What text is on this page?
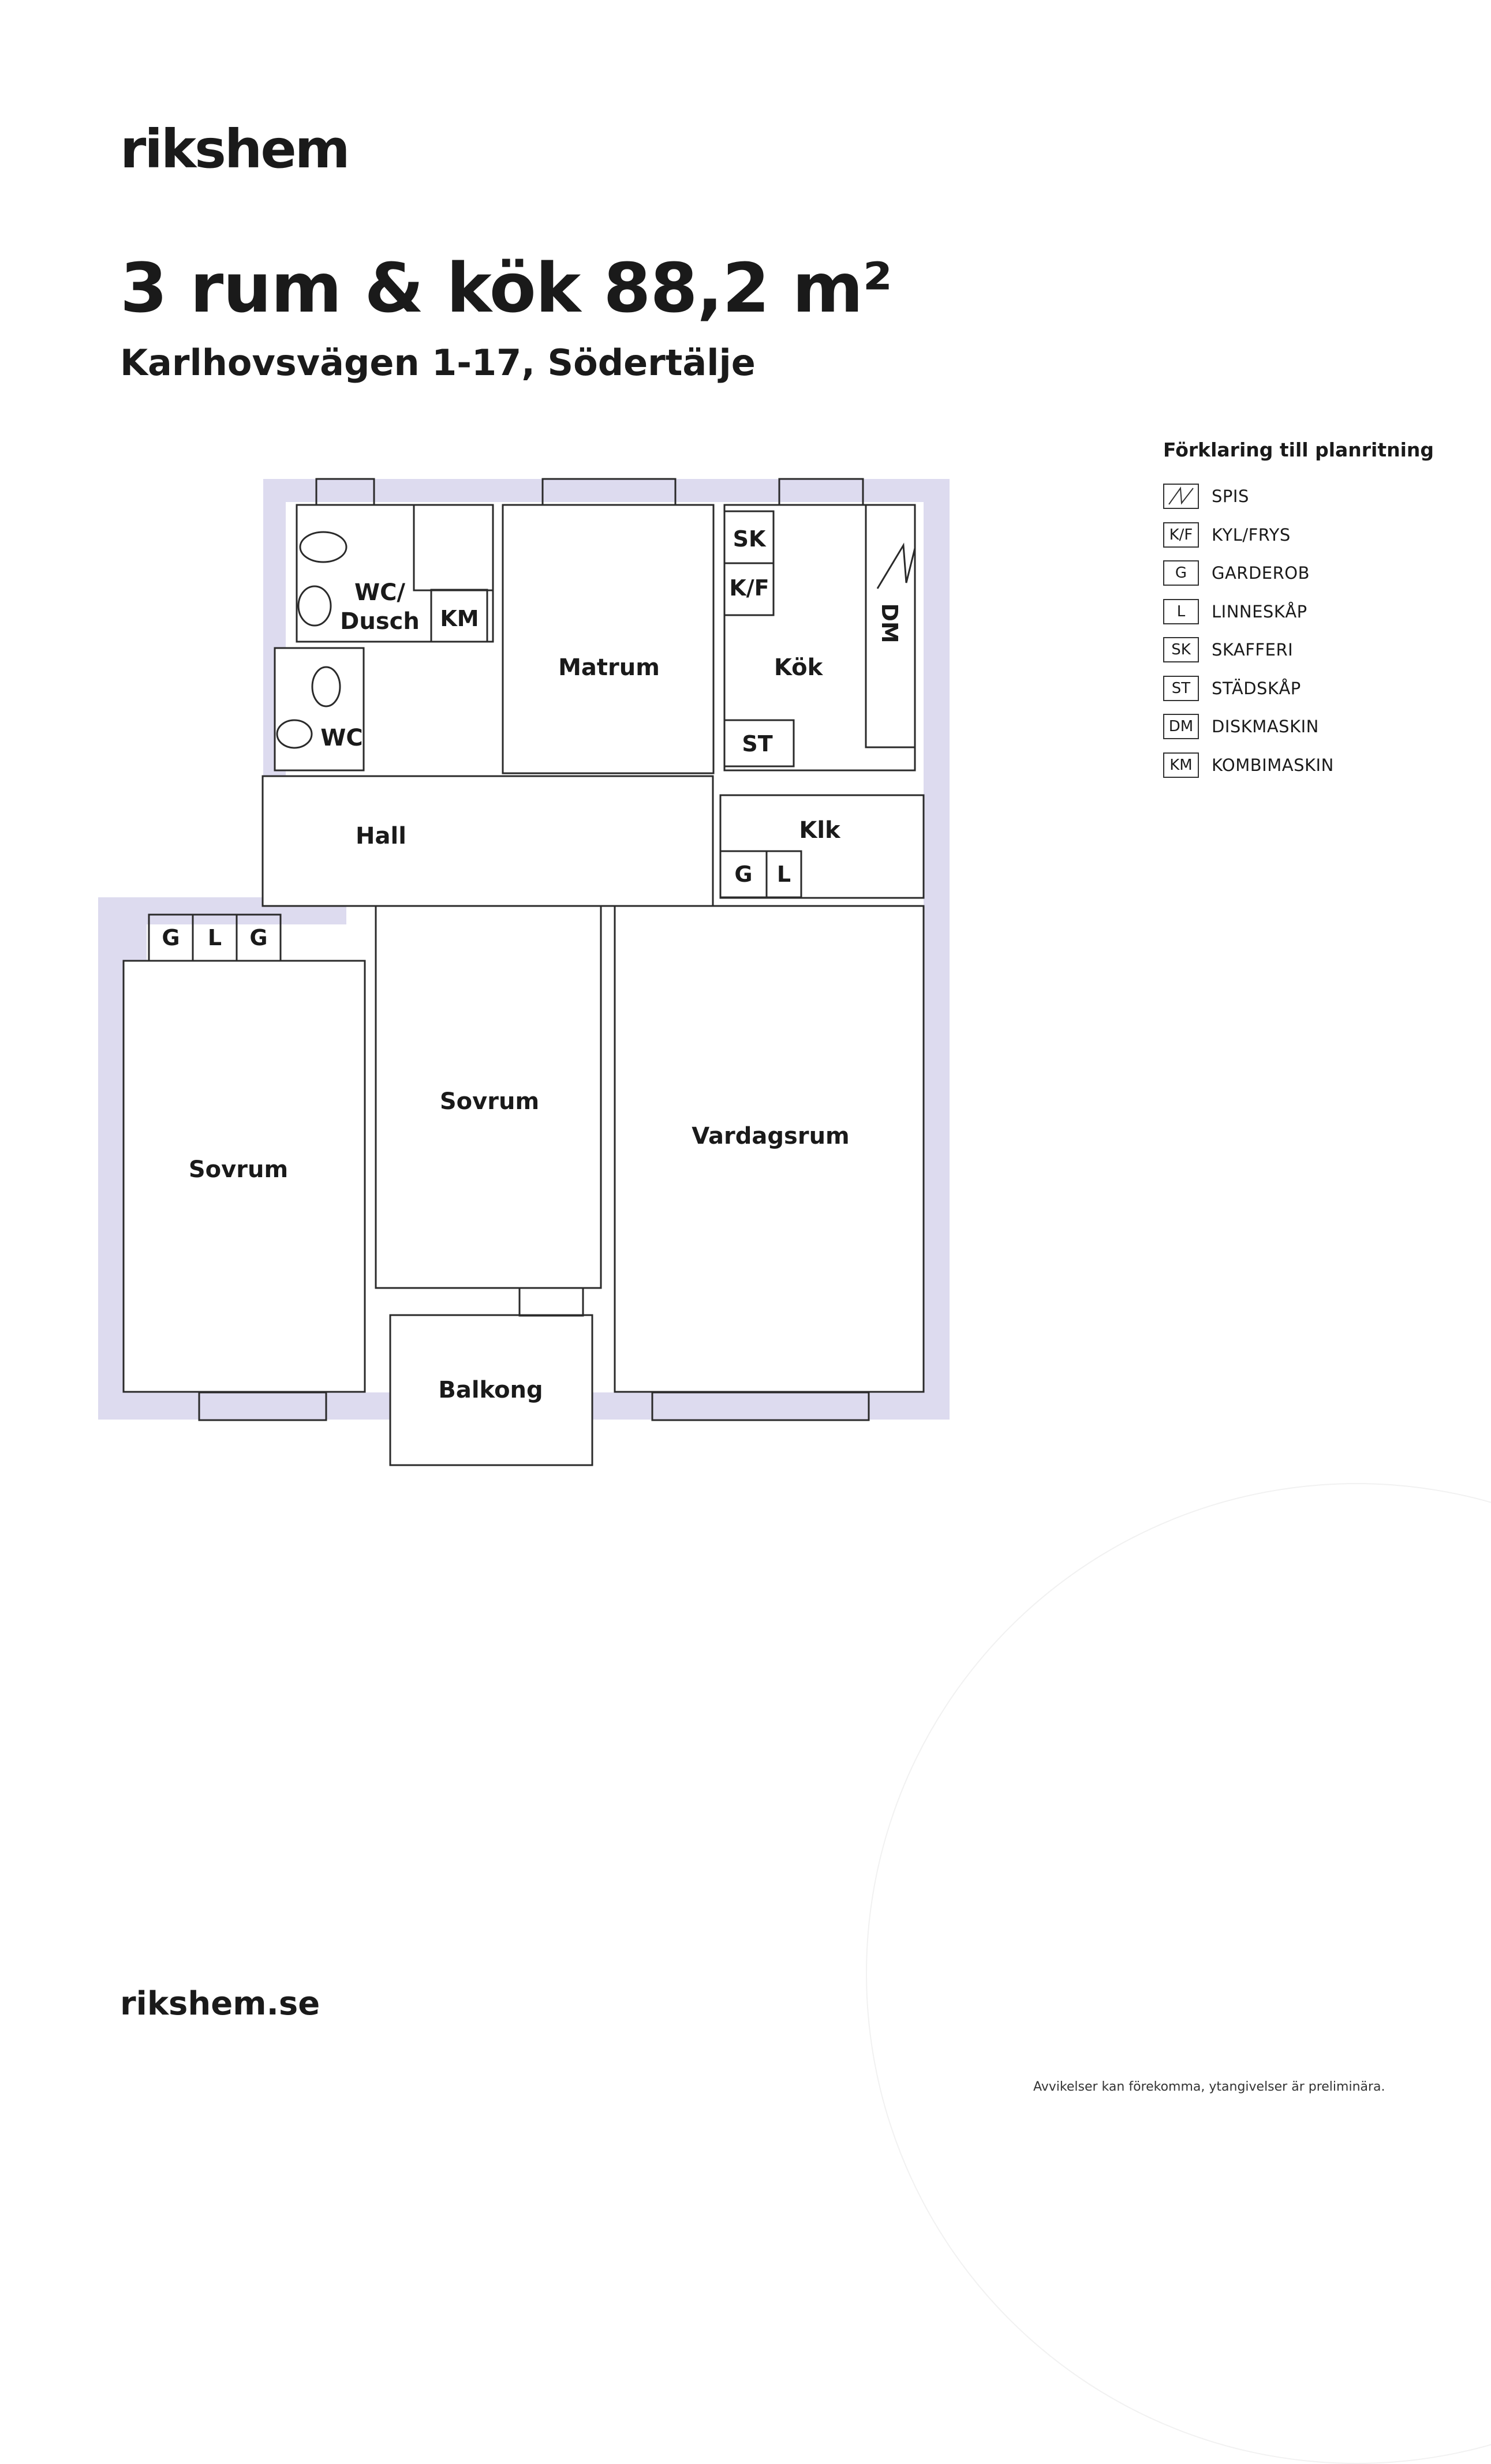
rikshem
3 rum & kök 88,2 m²
Karlhovsvägen 1-17, Södertälje
Förklaring till planritning
SPIS
K/F	KYL/FRYS
G	GARDEROB
L	LINNESKÅP
SK	SKAFFERI
ST	STÄDSKÅP
DM	DISKMASKIN
KM	KOMBIMASKIN
WC/
Dusch
WC
Matrum	Kök
Hall	Klk
Sovrum
Sovrum
Vardagsrum
Balkong
KM
SK
K/F
DM
ST
G L
G L G
rikshem.se
Avvikelser kan förekomma, ytangivelser är preliminära.
